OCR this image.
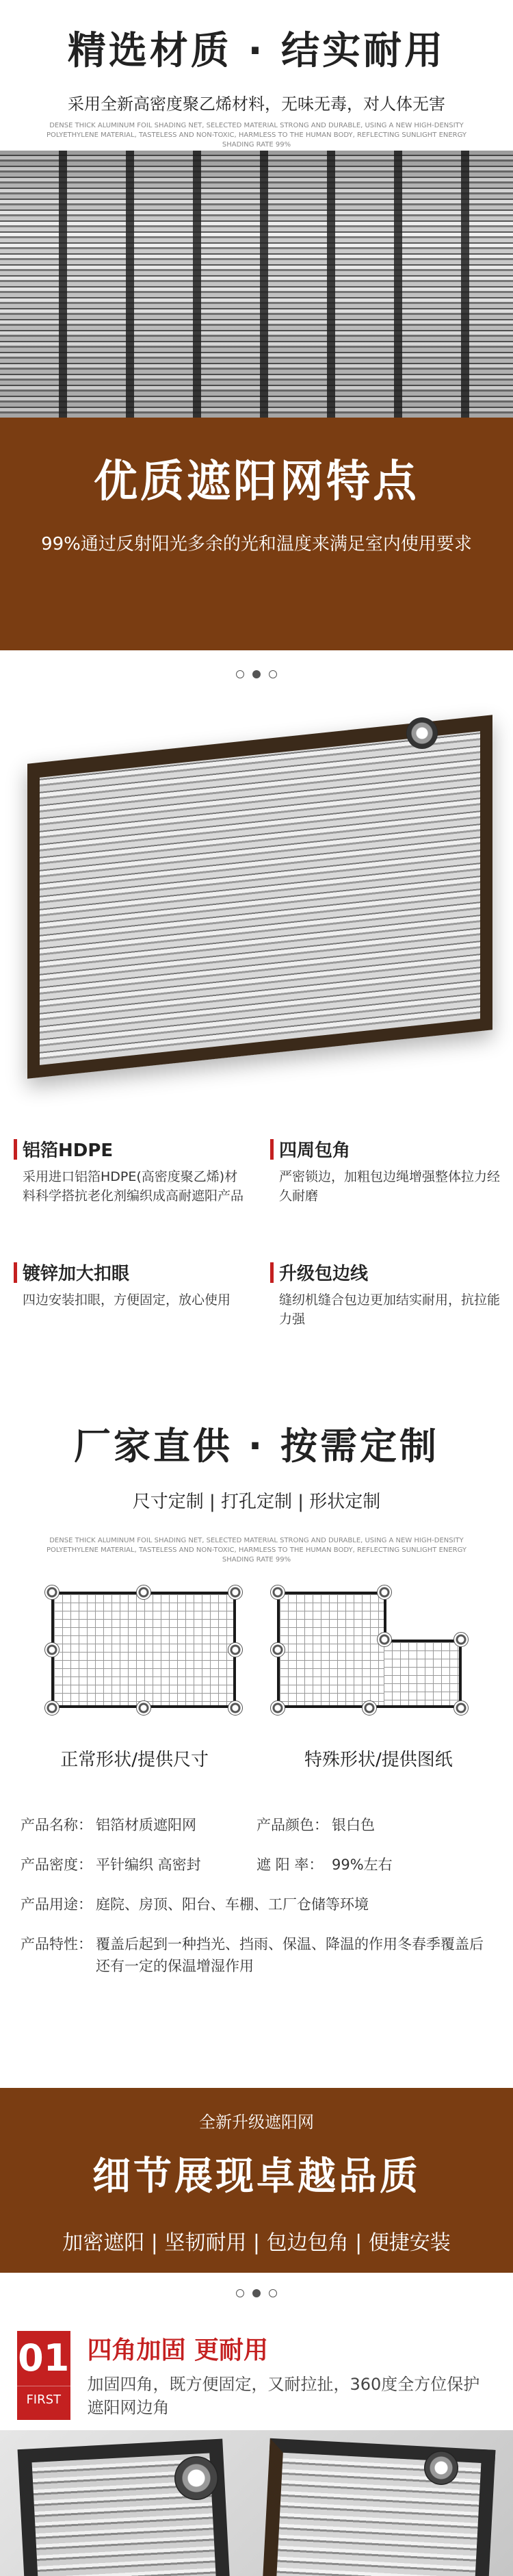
精选材质 · 结实耐用
采用全新高密度聚乙烯材料，无味无毒，对人体无害
DENSE THICK ALUMINUM FOIL SHADING NET, SELECTED MATERIAL STRONG AND DURABLE, USING A NEW HIGH-DENSITY POLYETHYLENE MATERIAL, TASTELESS AND NON-TOXIC, HARMLESS TO THE HUMAN BODY, REFLECTING SUNLIGHT ENERGY SHADING RATE 99%
优质遮阳网特点
99%通过反射阳光多余的光和温度来满足室内使用要求
铝箔HDPE
采用进口铝箔HDPE(高密度聚乙烯)材料科学搭抗老化剂编织成高耐遮阳产品
四周包角
严密锁边，加粗包边绳增强整体拉力经久耐磨
镀锌加大扣眼
四边安装扣眼，方便固定，放心使用
升级包边线
缝纫机缝合包边更加结实耐用，抗拉能力强
厂家直供 · 按需定制
尺寸定制 | 打孔定制 | 形状定制
DENSE THICK ALUMINUM FOIL SHADING NET, SELECTED MATERIAL STRONG AND DURABLE, USING A NEW HIGH-DENSITY POLYETHYLENE MATERIAL, TASTELESS AND NON-TOXIC, HARMLESS TO THE HUMAN BODY, REFLECTING SUNLIGHT ENERGY SHADING RATE 99%
正常形状/提供尺寸	特殊形状/提供图纸
产品名称： 铝箔材质遮阳网	产品颜色： 银白色
产品密度： 平针编织 高密封	遮 阳 率： 99%左右
产品用途： 庭院、房顶、阳台、车棚、工厂仓储等环境
产品特性： 覆盖后起到一种挡光、挡雨、保温、降温的作用冬春季覆盖后还有一定的保温增湿作用
全新升级遮阳网
细节展现卓越品质
加密遮阳 | 坚韧耐用 | 包边包角 | 便捷安装
01
FIRST
四角加固 更耐用
加固四角，既方便固定，又耐拉扯，360度全方位保护遮阳网边角
